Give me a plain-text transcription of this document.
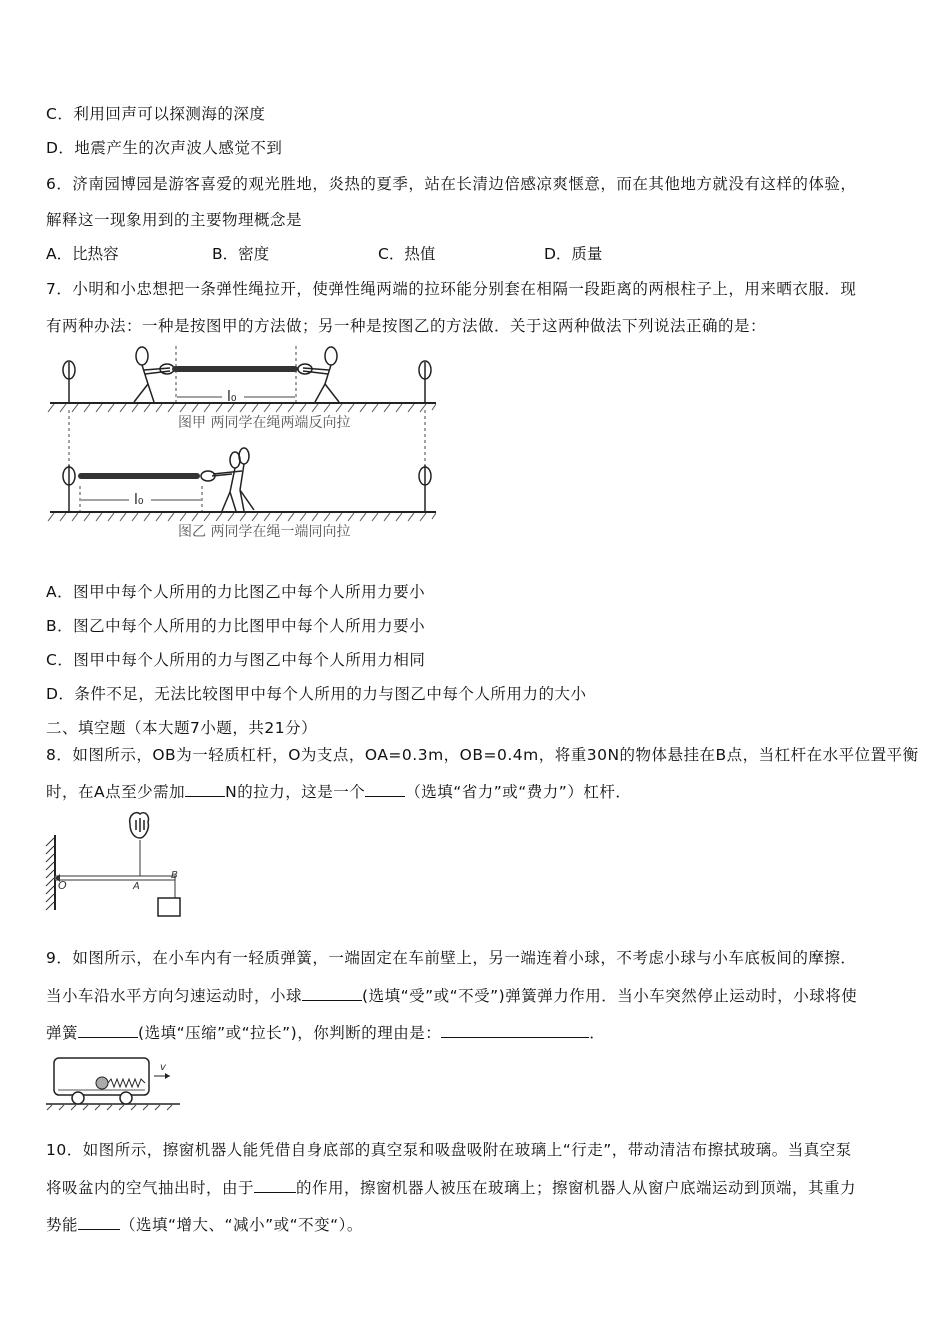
C．利用回声可以探测海的深度
D．地震产生的次声波人感觉不到
6．济南园博园是游客喜爱的观光胜地，炎热的夏季，站在长清边倍感凉爽惬意，而在其他地方就没有这样的体验，
解释这一现象用到的主要物理概念是
A．比热容	B．密度	C．热值	D．质量
7．小明和小忠想把一条弹性绳拉开，使弹性绳两端的拉环能分别套在相隔一段距离的两根柱子上，用来晒衣服．现
有两种办法：一种是按图甲的方法做；另一种是按图乙的方法做．关于这两种做法下列说法正确的是：
l₀
图甲 两同学在绳两端反向拉
l₀
图乙 两同学在绳一端同向拉
A．图甲中每个人所用的力比图乙中每个人所用力要小
B．图乙中每个人所用的力比图甲中每个人所用力要小
C．图甲中每个人所用的力与图乙中每个人所用力相同
D．条件不足，无法比较图甲中每个人所用的力与图乙中每个人所用力的大小
二、填空题（本大题7小题，共21分）
8．如图所示，OB为一轻质杠杆，O为支点，OA=0.3m，OB=0.4m，将重30N的物体悬挂在B点，当杠杆在水平位置平衡
时，在A点至少需加	N的拉力，这是一个	（选填“省力”或“费力”）杠杆．
O	A
B
9．如图所示，在小车内有一轻质弹簧，一端固定在车前壁上，另一端连着小球，不考虑小球与小车底板间的摩擦．
当小车沿水平方向匀速运动时，小球	(选填“受”或“不受”)弹簧弹力作用．当小车突然停止运动时，小球将使
弹簧	(选填“压缩”或“拉长”)，你判断的理由是：	．
v
10．如图所示，擦窗机器人能凭借自身底部的真空泵和吸盘吸附在玻璃上“行走”，带动清洁布擦拭玻璃。当真空泵
将吸盆内的空气抽出时，由于	的作用，擦窗机器人被压在玻璃上；擦窗机器人从窗户底端运动到顶端，其重力
势能	（选填“增大、“减小”或“不变“）。
